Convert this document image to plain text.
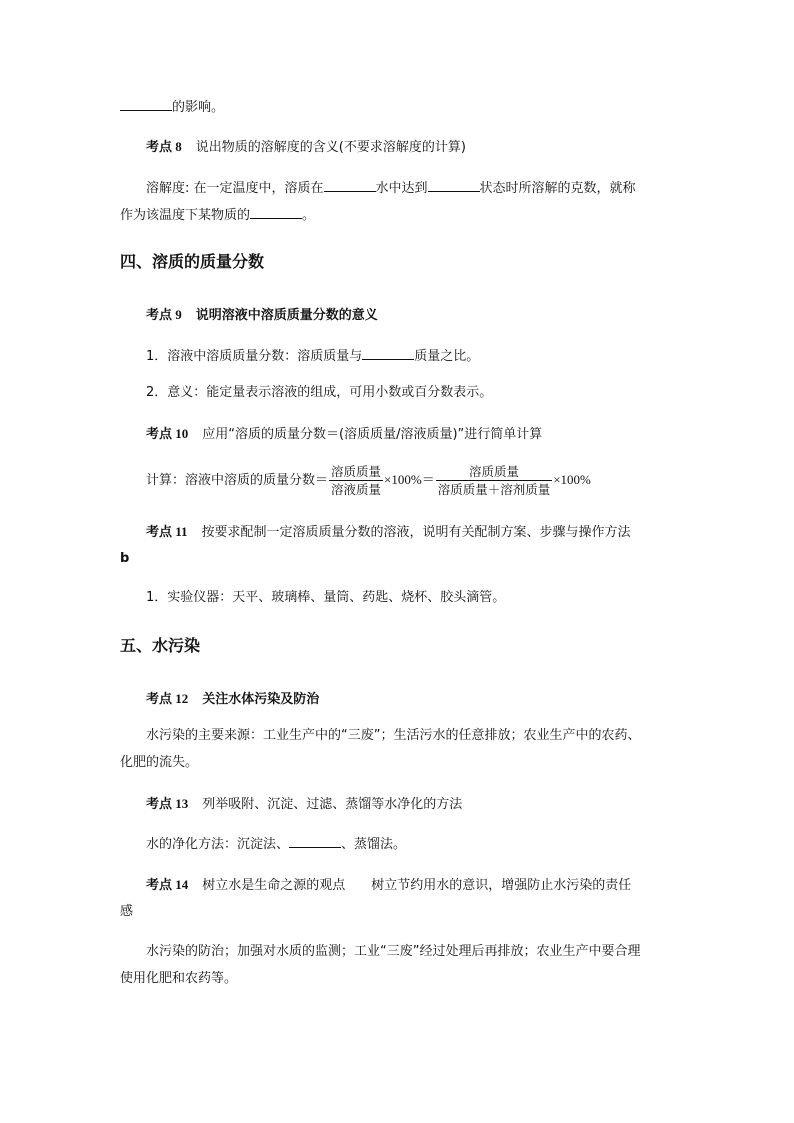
的影响。
考点 8 说出物质的溶解度的含义(不要求溶解度的计算)
溶解度: 在一定温度中，溶质在	水中达到	状态时所溶解的克数，就称
作为该温度下某物质的	。
四、溶质的质量分数
考点 9 说明溶液中溶质质量分数的意义
1．溶液中溶质质量分数：溶质质量与	质量之比。
2．意义：能定量表示溶液的组成，可用小数或百分数表示。
考点 10 应用“溶质的质量分数＝(溶质质量/溶液质量)”进行简单计算
计算：溶液中溶质的质量分数＝ $\frac{\text{溶质质量}}{\text{溶液质量}} \times 100\%= \frac{\text{溶质质量}}{\text{溶质质量＋溶剂质量}} \times 100\%$
考点 11 按要求配制一定溶质质量分数的溶液，说明有关配制方案、步骤与操作方法
b
1．实验仪器：天平、玻璃棒、量筒、药匙、烧杯、胶头滴管。
五、水污染
考点 12 关注水体污染及防治
水污染的主要来源：工业生产中的“三废”；生活污水的任意排放；农业生产中的农药、
化肥的流失。
考点 13 列举吸附、沉淀、过滤、蒸馏等水净化的方法
水的净化方法：沉淀法、	、蒸馏法。
考点 14 树立水是生命之源的观点　　树立节约用水的意识，增强防止水污染的责任
感
水污染的防治；加强对水质的监测；工业“三废”经过处理后再排放；农业生产中要合理
使用化肥和农药等。
